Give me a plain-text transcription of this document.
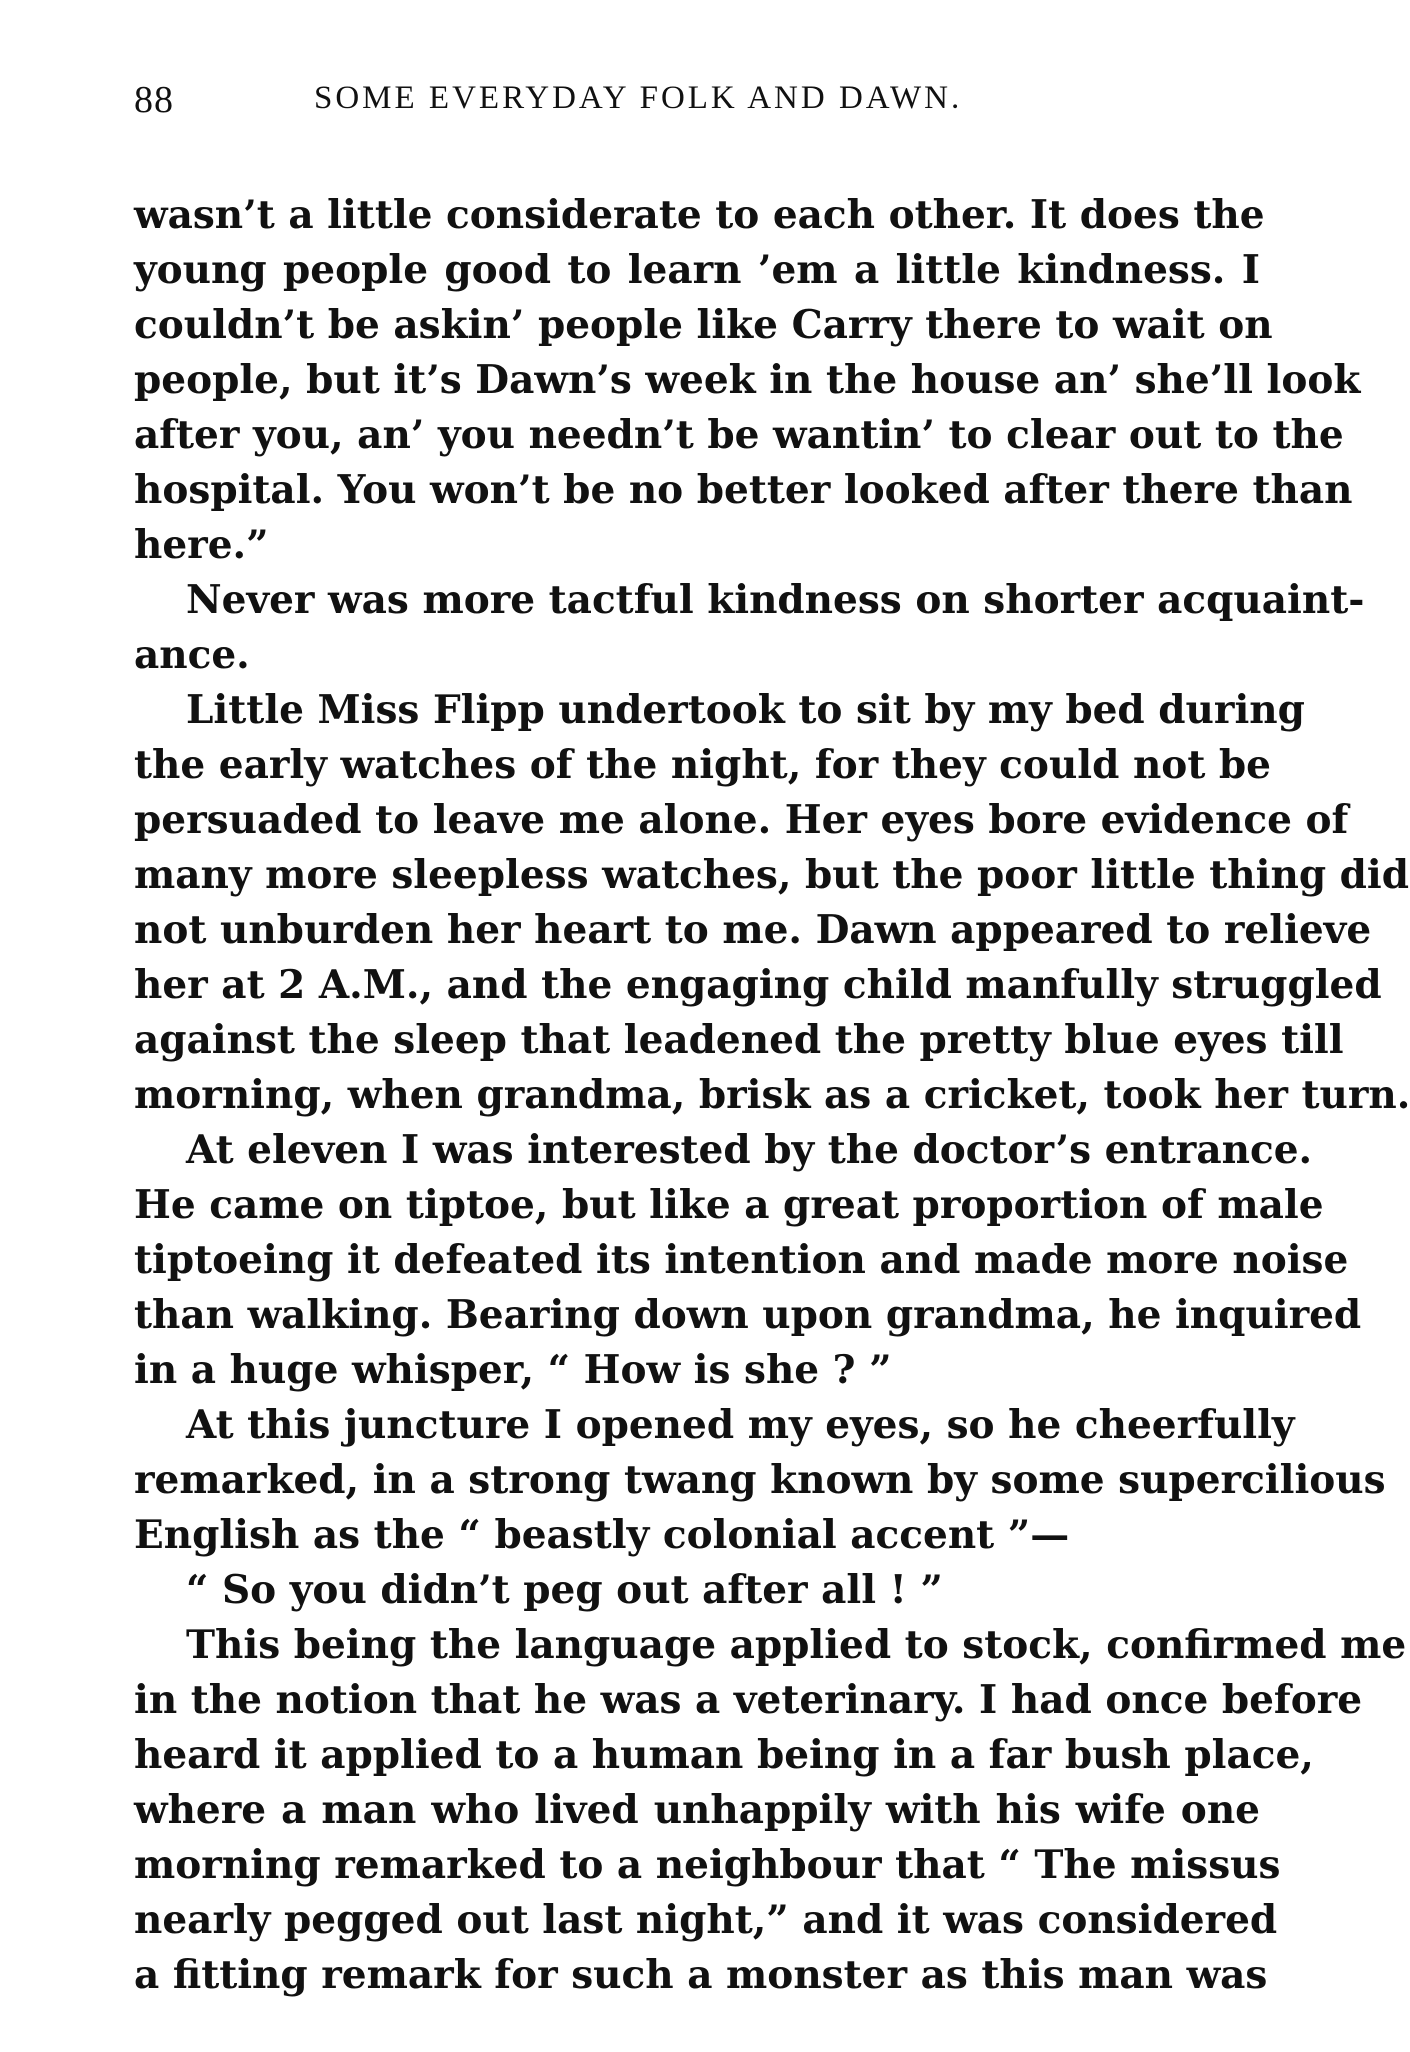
88	SOME EVERYDAY FOLK AND DAWN.
wasn’t a little considerate to each other. It does the
young people good to learn ’em a little kindness. I
couldn’t be askin’ people like Carry there to wait on
people, but it’s Dawn’s week in the house an’ she’ll look
after you, an’ you needn’t be wantin’ to clear out to the
hospital. You won’t be no better looked after there than
here.”
Never was more tactful kindness on shorter acquaint-
ance.
Little Miss Flipp undertook to sit by my bed during
the early watches of the night, for they could not be
persuaded to leave me alone. Her eyes bore evidence of
many more sleepless watches, but the poor little thing did
not unburden her heart to me. Dawn appeared to relieve
her at 2 A.M., and the engaging child manfully struggled
against the sleep that leadened the pretty blue eyes till
morning, when grandma, brisk as a cricket, took her turn.
At eleven I was interested by the doctor’s entrance.
He came on tiptoe, but like a great proportion of male
tiptoeing it defeated its intention and made more noise
than walking. Bearing down upon grandma, he inquired
in a huge whisper, “ How is she ? ”
At this juncture I opened my eyes, so he cheerfully
remarked, in a strong twang known by some supercilious
English as the “ beastly colonial accent ”—
“ So you didn’t peg out after all ! ”
This being the language applied to stock, confirmed me
in the notion that he was a veterinary. I had once before
heard it applied to a human being in a far bush place,
where a man who lived unhappily with his wife one
morning remarked to a neighbour that “ The missus
nearly pegged out last night,” and it was considered
a fitting remark for such a monster as this man was
